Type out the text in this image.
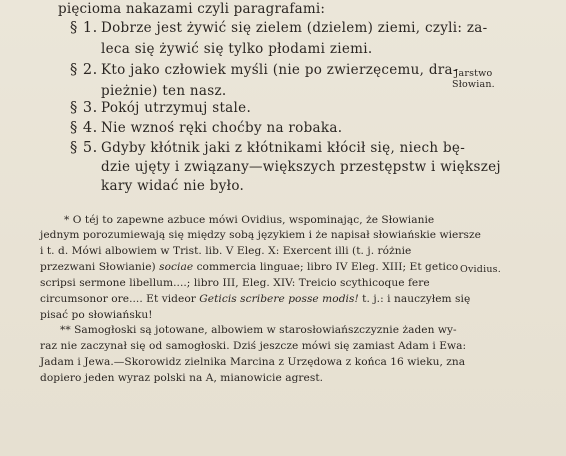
pięcioma nakazami czyli paragrafami:
§ 1. Dobrze jest żywić się zielem (dzielem) ziemi, czyli: za-
leca się żywić się tylko płodami ziemi.
§ 2. Kto jako człowiek myśli (nie po zwierzęcemu, dra-
pieżnie) ten nasz.
§ 3. Pokój utrzymuj stale.
§ 4. Nie wznoś ręki choćby na robaka.
§ 5. Gdyby kłótnik jaki z kłótnikami kłócił się, niech bę-
dzie ujęty i związany—większych przestępstw i większej
kary widać nie było.
Jarstwo
Słowian.
Ovidius.
* O téj to zapewne azbuce mówi Ovidius, wspominając, że Słowianie
jednym porozumiewają się między sobą językiem i że napisał słowiańskie wiersze
i t. d. Mówi albowiem w Trist. lib. V Eleg. X: Exercent illi (t. j. różnie
przezwani Słowianie) sociae commercia linguae; libro IV Eleg. XIII; Et getico
scripsi sermone libellum....; libro III, Eleg. XIV: Treicio scythicoque fere
circumsonor ore.... Et videor Geticis scribere posse modis! t. j.: i nauczyłem się
pisać po słowiańsku!
** Samogłoski są jotowane, albowiem w starosłowiańszczyznie żaden wy-
raz nie zaczynał się od samogłoski. Dziś jeszcze mówi się zamiast Adam i Ewa:
Jadam i Jewa.—Skorowidz zielnika Marcina z Urzędowa z końca 16 wieku, zna
dopiero jeden wyraz polski na A, mianowicie agrest.
